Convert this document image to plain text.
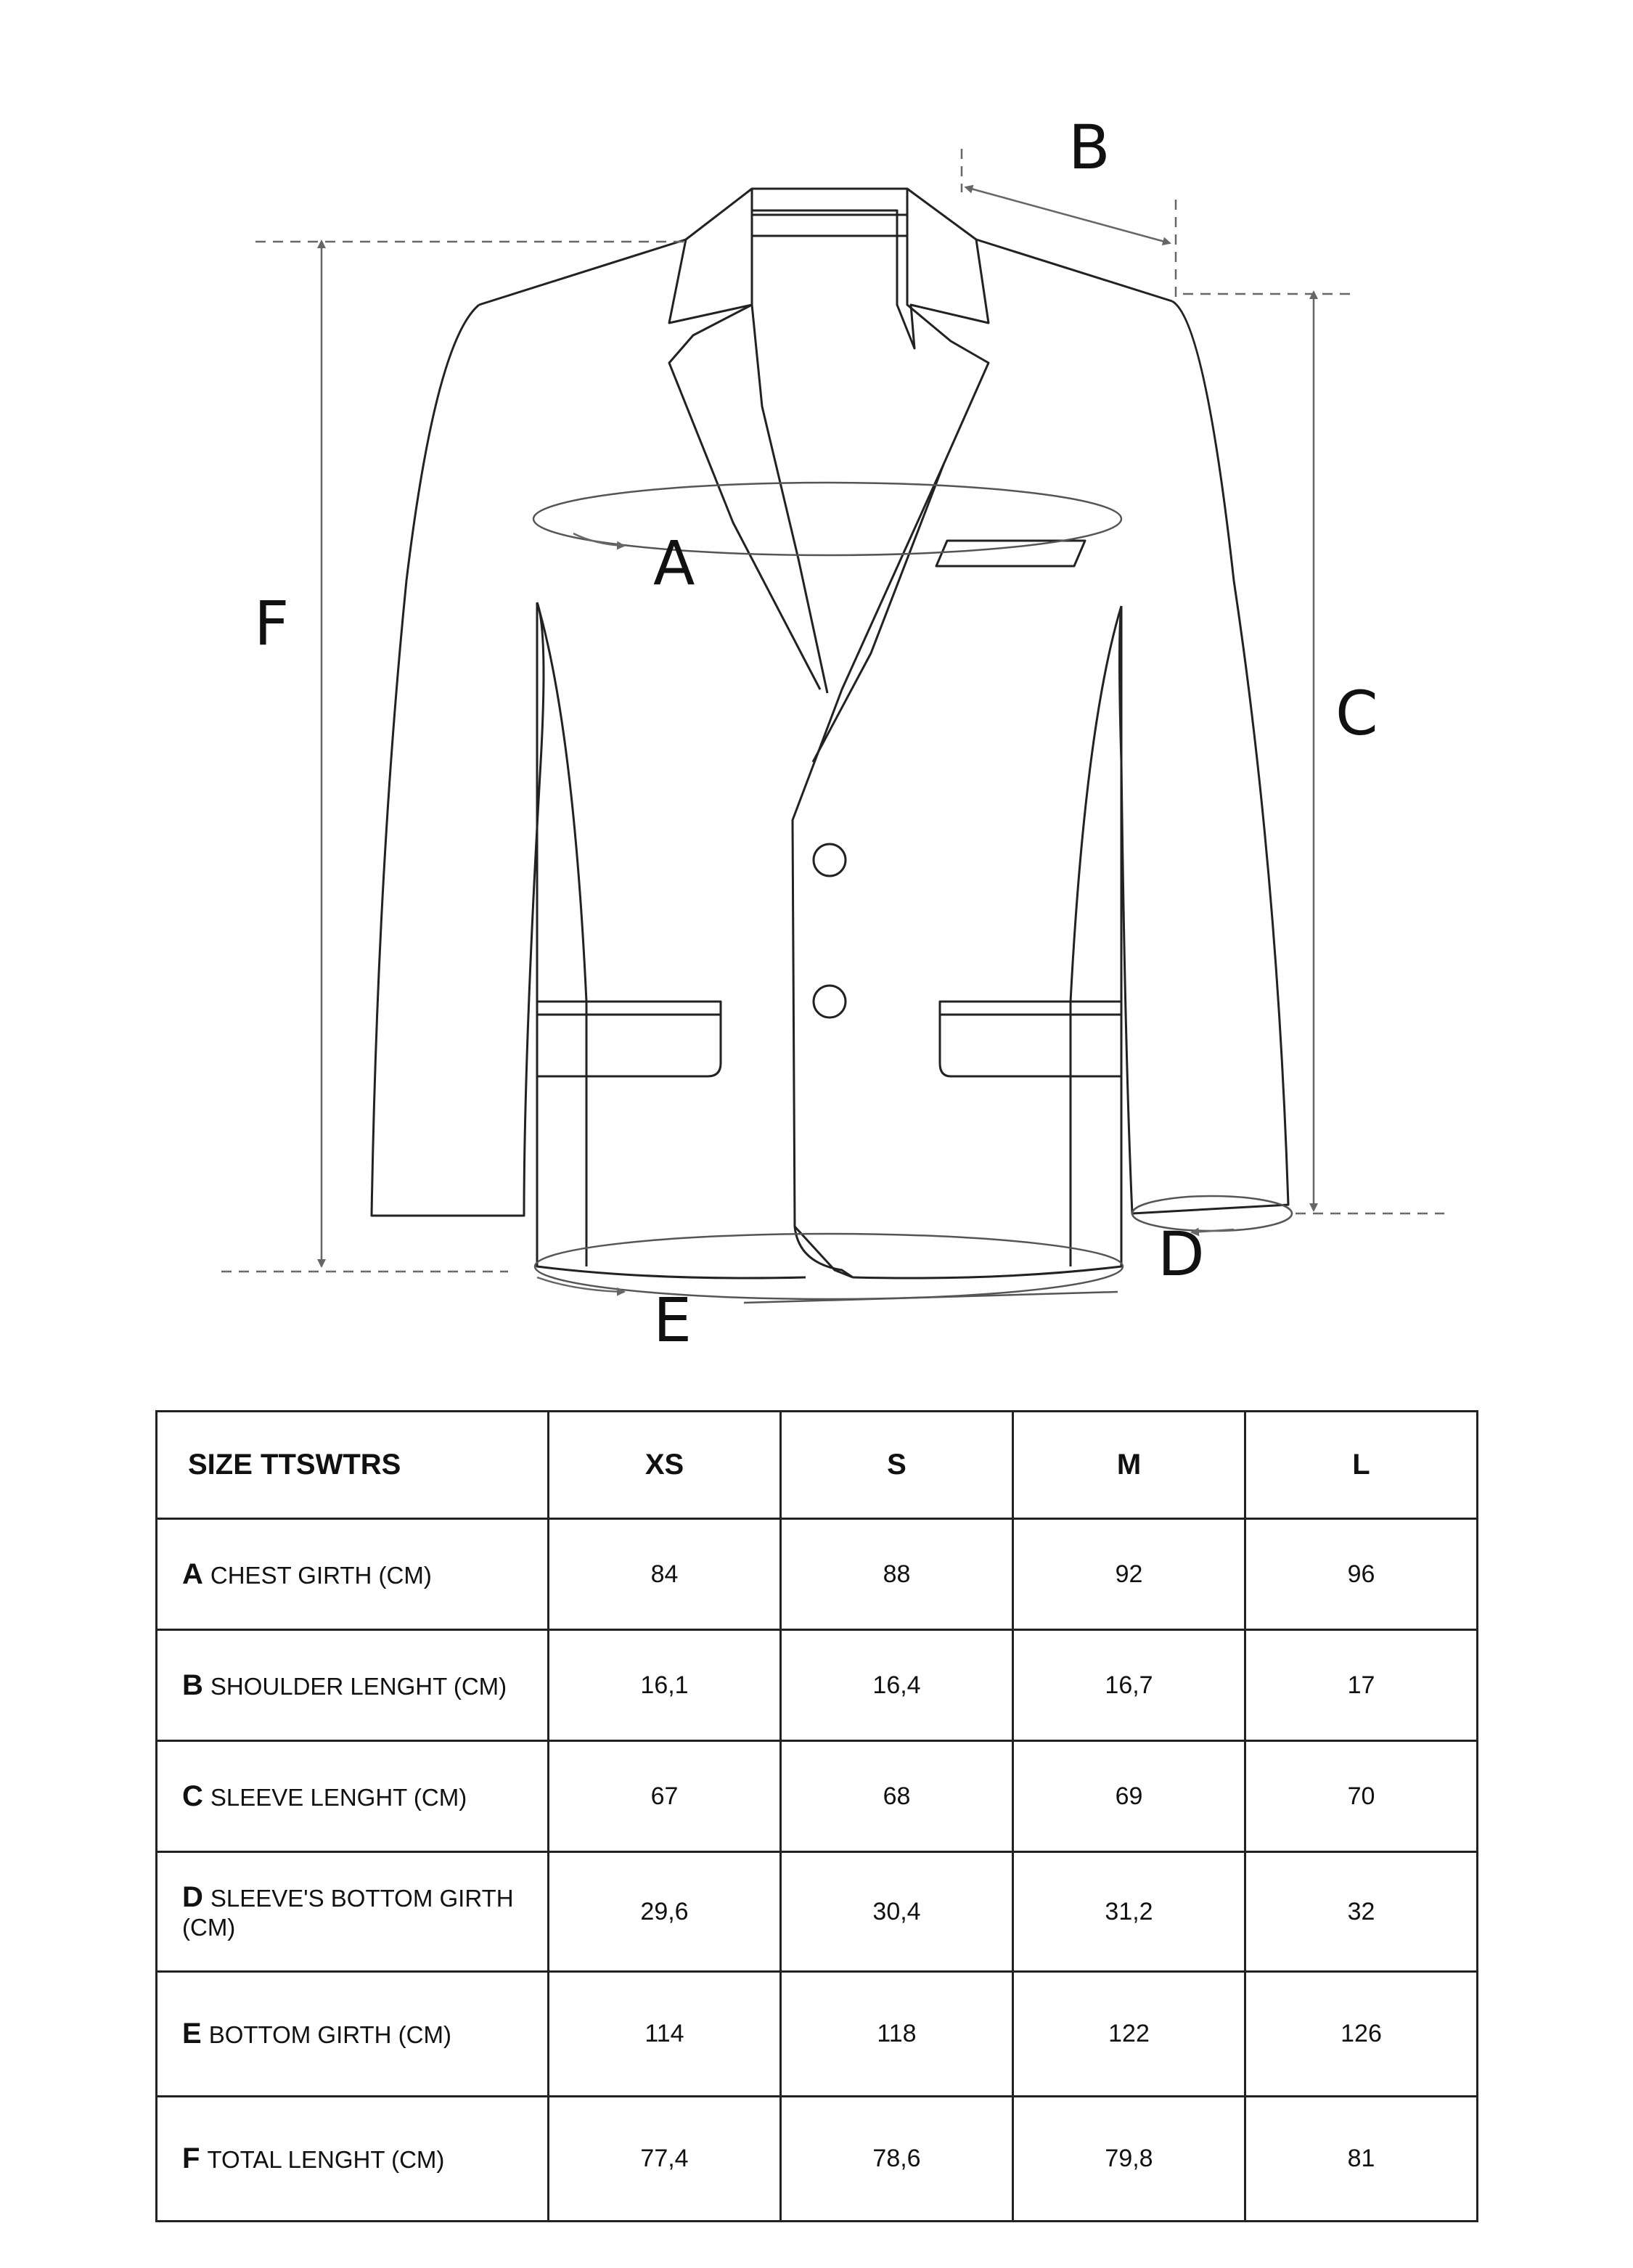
A
B
C
D
E
F
SIZE TTSWTRS	XS	S	M	L
A CHEST GIRTH (CM)	84	88	92	96
B SHOULDER LENGHT (CM)	16,1	16,4	16,7	17
C SLEEVE LENGHT (CM)	67	68	69	70
D SLEEVE'S BOTTOM GIRTH (CM)	29,6	30,4	31,2	32
E BOTTOM GIRTH (CM)	114	118	122	126
F TOTAL LENGHT (CM)	77,4	78,6	79,8	81
